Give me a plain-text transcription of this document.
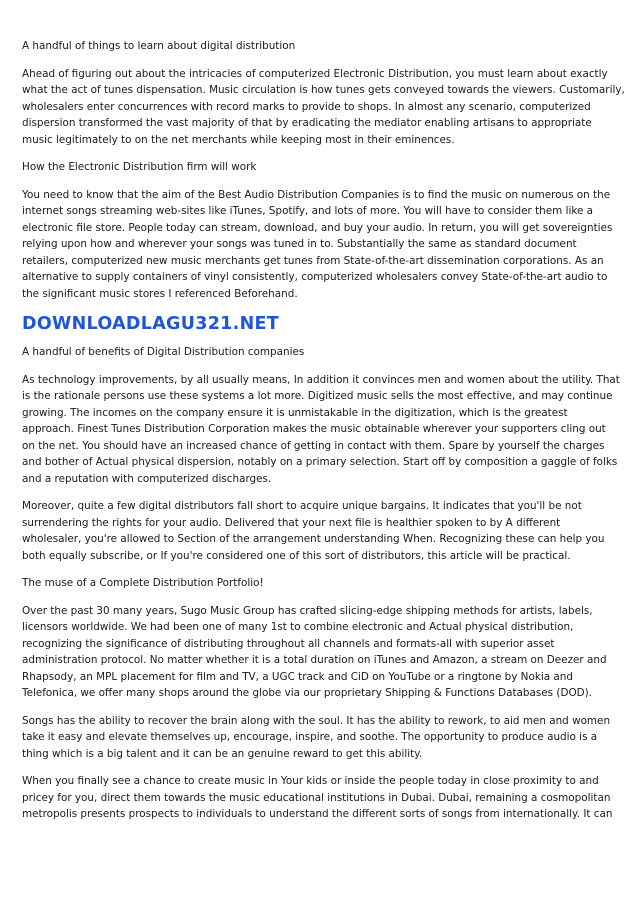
A handful of things to learn about digital distribution
Ahead of figuring out about the intricacies of computerized Electronic Distribution, you must learn about exactly
what the act of tunes dispensation. Music circulation is how tunes gets conveyed towards the viewers. Customarily,
wholesalers enter concurrences with record marks to provide to shops. In almost any scenario, computerized
dispersion transformed the vast majority of that by eradicating the mediator enabling artisans to appropriate
music legitimately to on the net merchants while keeping most in their eminences.
How the Electronic Distribution firm will work
You need to know that the aim of the Best Audio Distribution Companies is to find the music on numerous on the
internet songs streaming web-sites like iTunes, Spotify, and lots of more. You will have to consider them like a
electronic file store. People today can stream, download, and buy your audio. In return, you will get sovereignties
relying upon how and wherever your songs was tuned in to. Substantially the same as standard document
retailers, computerized new music merchants get tunes from State-of-the-art dissemination corporations. As an
alternative to supply containers of vinyl consistently, computerized wholesalers convey State-of-the-art audio to
the significant music stores I referenced Beforehand.
DOWNLOADLAGU321.NET
A handful of benefits of Digital Distribution companies
As technology improvements, by all usually means, In addition it convinces men and women about the utility. That
is the rationale persons use these systems a lot more. Digitized music sells the most effective, and may continue
growing. The incomes on the company ensure it is unmistakable in the digitization, which is the greatest
approach. Finest Tunes Distribution Corporation makes the music obtainable wherever your supporters cling out
on the net. You should have an increased chance of getting in contact with them. Spare by yourself the charges
and bother of Actual physical dispersion, notably on a primary selection. Start off by composition a gaggle of folks
and a reputation with computerized discharges.
Moreover, quite a few digital distributors fall short to acquire unique bargains. It indicates that you'll be not
surrendering the rights for your audio. Delivered that your next file is healthier spoken to by A different
wholesaler, you're allowed to Section of the arrangement understanding When. Recognizing these can help you
both equally subscribe, or If you're considered one of this sort of distributors, this article will be practical.
The muse of a Complete Distribution Portfolio!
Over the past 30 many years, Sugo Music Group has crafted slicing-edge shipping methods for artists, labels,
licensors worldwide. We had been one of many 1st to combine electronic and Actual physical distribution,
recognizing the significance of distributing throughout all channels and formats-all with superior asset
administration protocol. No matter whether it is a total duration on iTunes and Amazon, a stream on Deezer and
Rhapsody, an MPL placement for film and TV, a UGC track and CiD on YouTube or a ringtone by Nokia and
Telefonica, we offer many shops around the globe via our proprietary Shipping & Functions Databases (DOD).
Songs has the ability to recover the brain along with the soul. It has the ability to rework, to aid men and women
take it easy and elevate themselves up, encourage, inspire, and soothe. The opportunity to produce audio is a
thing which is a big talent and it can be an genuine reward to get this ability.
When you finally see a chance to create music in Your kids or inside the people today in close proximity to and
pricey for you, direct them towards the music educational institutions in Dubai. Dubai, remaining a cosmopolitan
metropolis presents prospects to individuals to understand the different sorts of songs from internationally. It can
